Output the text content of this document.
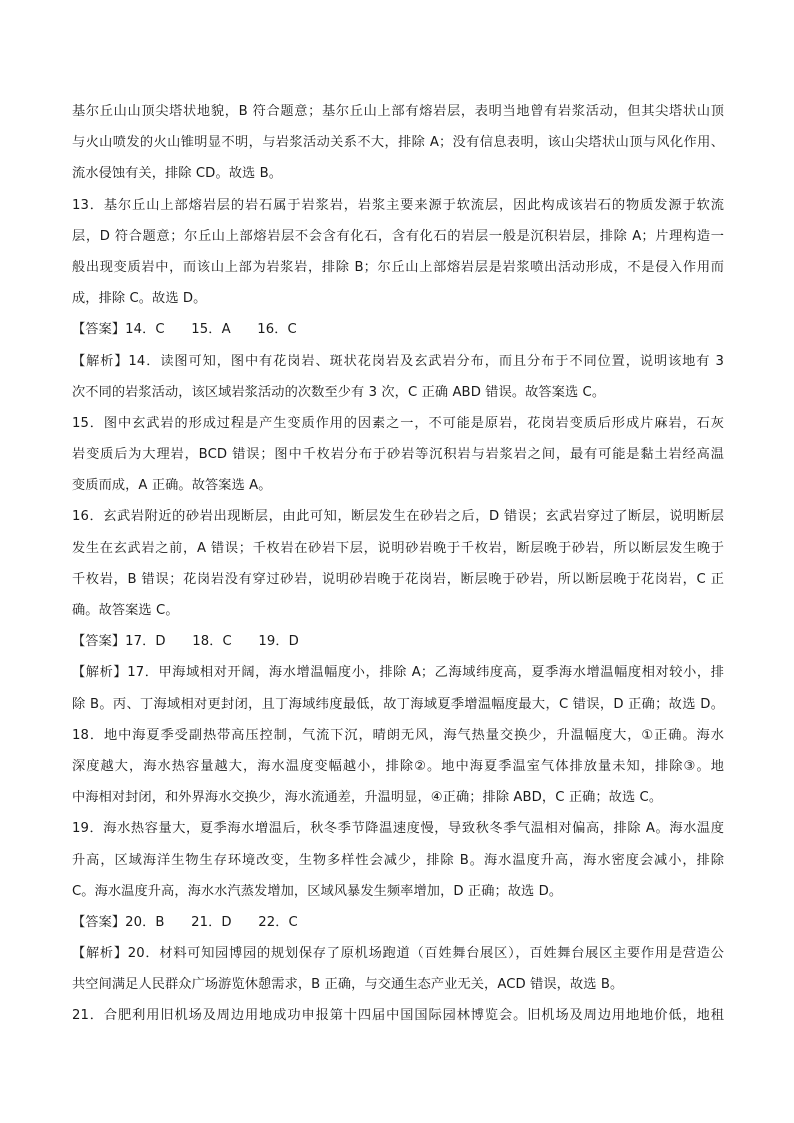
基尔丘山山顶尖塔状地貌，B 符合题意；基尔丘山上部有熔岩层，表明当地曾有岩浆活动，但其尖塔状山顶
与火山喷发的火山锥明显不明，与岩浆活动关系不大，排除 A；没有信息表明，该山尖塔状山顶与风化作用、
流水侵蚀有关，排除 CD。故选 B。
13．基尔丘山上部熔岩层的岩石属于岩浆岩，岩浆主要来源于软流层，因此构成该岩石的物质发源于软流
层，D 符合题意；尔丘山上部熔岩层不会含有化石，含有化石的岩层一般是沉积岩层，排除 A；片理构造一
般出现变质岩中，而该山上部为岩浆岩，排除 B；尔丘山上部熔岩层是岩浆喷出活动形成，不是侵入作用而
成，排除 C。故选 D。
【答案】14．C　　15．A　　16．C
【解析】14．读图可知，图中有花岗岩、斑状花岗岩及玄武岩分布，而且分布于不同位置，说明该地有 3
次不同的岩浆活动，该区域岩浆活动的次数至少有 3 次，C 正确 ABD 错误。故答案选 C。
15．图中玄武岩的形成过程是产生变质作用的因素之一，不可能是原岩，花岗岩变质后形成片麻岩，石灰
岩变质后为大理岩，BCD 错误；图中千枚岩分布于砂岩等沉积岩与岩浆岩之间，最有可能是黏土岩经高温
变质而成，A 正确。故答案选 A。
16．玄武岩附近的砂岩出现断层，由此可知，断层发生在砂岩之后，D 错误；玄武岩穿过了断层，说明断层
发生在玄武岩之前，A 错误；千枚岩在砂岩下层，说明砂岩晚于千枚岩，断层晚于砂岩，所以断层发生晚于
千枚岩，B 错误；花岗岩没有穿过砂岩，说明砂岩晚于花岗岩，断层晚于砂岩，所以断层晚于花岗岩，C 正
确。故答案选 C。
【答案】17．D　　18．C　　19．D
【解析】17．甲海域相对开阔，海水增温幅度小，排除 A；乙海域纬度高，夏季海水增温幅度相对较小，排
除 B。丙、丁海域相对更封闭，且丁海域纬度最低，故丁海域夏季增温幅度最大，C 错误，D 正确；故选 D。
18．地中海夏季受副热带高压控制，气流下沉，晴朗无风，海气热量交换少，升温幅度大，①正确。海水
深度越大，海水热容量越大，海水温度变幅越小，排除②。地中海夏季温室气体排放量未知，排除③。地
中海相对封闭，和外界海水交换少，海水流通差，升温明显，④正确；排除 ABD，C 正确；故选 C。
19．海水热容量大，夏季海水增温后，秋冬季节降温速度慢，导致秋冬季气温相对偏高，排除 A。海水温度
升高，区域海洋生物生存环境改变，生物多样性会减少，排除 B。海水温度升高，海水密度会减小，排除
C。海水温度升高，海水水汽蒸发增加，区域风暴发生频率增加，D 正确；故选 D。
【答案】20．B　　21．D　　22．C
【解析】20．材料可知园博园的规划保存了原机场跑道（百姓舞台展区），百姓舞台展区主要作用是营造公
共空间满足人民群众广场游览休憩需求，B 正确，与交通生态产业无关，ACD 错误，故选 B。
21．合肥利用旧机场及周边用地成功申报第十四届中国国际园林博览会。旧机场及周边用地地价低，地租
